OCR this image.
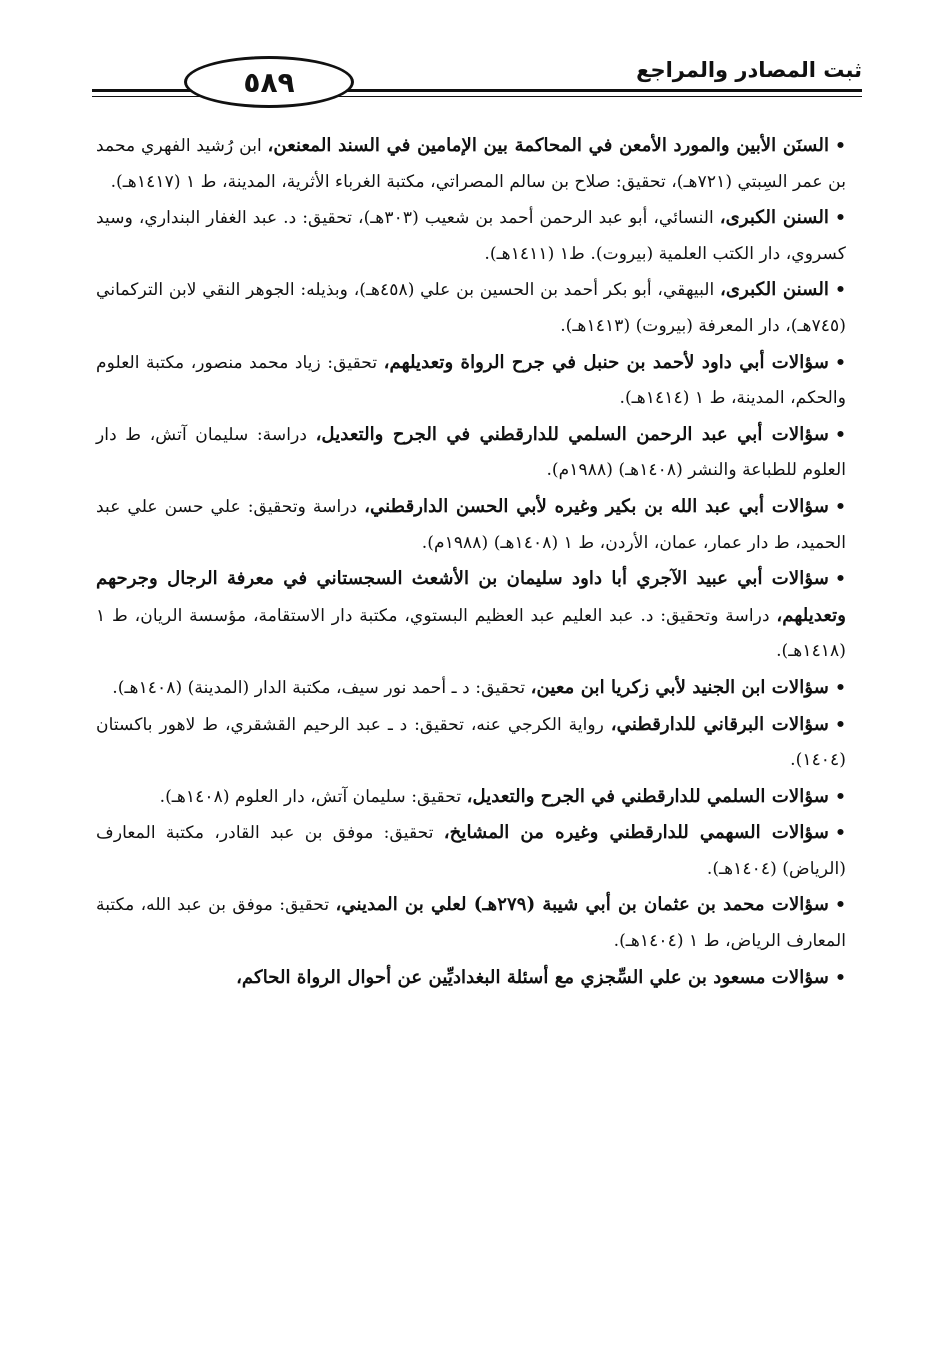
ثبت المصادر والمراجع
٥٨٩

•السنَن الأبين والمورد الأمعن في المحاكمة بين الإمامين في السند المعنعن، ابن رُشيد الفهري محمد بن عمر السِبتي (٧٢١هـ)، تحقيق: صلاح بن سالم المصراتي، مكتبة الغرباء الأثرية، المدينة، ط ١ (١٤١٧هـ).

•السنن الكبرى، النسائي، أبو عبد الرحمن أحمد بن شعيب (٣٠٣هـ)، تحقيق: د. عبد الغفار البنداري، وسيد كسروي، دار الكتب العلمية (بيروت). ط١ (١٤١١هـ).

•السنن الكبرى، البيهقي، أبو بكر أحمد بن الحسين بن علي (٤٥٨هـ)، وبذيله: الجوهر النقي لابن التركماني (٧٤٥هـ)، دار المعرفة (بيروت) (١٤١٣هـ).

•سؤالات أبي داود لأحمد بن حنبل في جرح الرواة وتعديلهم، تحقيق: زياد محمد منصور، مكتبة العلوم والحكم، المدينة، ط ١ (١٤١٤هـ).

•سؤالات أبي عبد الرحمن السلمي للدارقطني في الجرح والتعديل، دراسة: سليمان آتش، ط دار العلوم للطباعة والنشر (١٤٠٨هـ) (١٩٨٨م).

•سؤالات أبي عبد الله بن بكير وغيره لأبي الحسن الدارقطني، دراسة وتحقيق: علي حسن علي عبد الحميد، ط دار عمار، عمان، الأردن، ط ١ (١٤٠٨هـ) (١٩٨٨م).

•سؤالات أبي عبيد الآجري أبا داود سليمان بن الأشعث السجستاني في معرفة الرجال وجرحهم وتعديلهم، دراسة وتحقيق: د. عبد العليم عبد العظيم البستوي، مكتبة دار الاستقامة، مؤسسة الريان، ط ١ (١٤١٨هـ).

•سؤالات ابن الجنيد لأبي زكريا ابن معين، تحقيق: د ـ أحمد نور سيف، مكتبة الدار (المدينة) (١٤٠٨هـ).

•سؤالات البرقاني للدارقطني، رواية الكرجي عنه، تحقيق: د ـ عبد الرحيم القشقري، ط لاهور باكستان (١٤٠٤).

•سؤالات السلمي للدارقطني في الجرح والتعديل، تحقيق: سليمان آتش، دار العلوم (١٤٠٨هـ).

•سؤالات السهمي للدارقطني وغيره من المشايخ، تحقيق: موفق بن عبد القادر، مكتبة المعارف (الرياض) (١٤٠٤هـ).

•سؤالات محمد بن عثمان بن أبي شيبة (٢٧٩هـ) لعلي بن المديني، تحقيق: موفق بن عبد الله، مكتبة المعارف الرياض، ط ١ (١٤٠٤هـ).

•سؤالات مسعود بن علي السِّجزي مع أسئلة البغداديِّين عن أحوال الرواة الحاكم،
